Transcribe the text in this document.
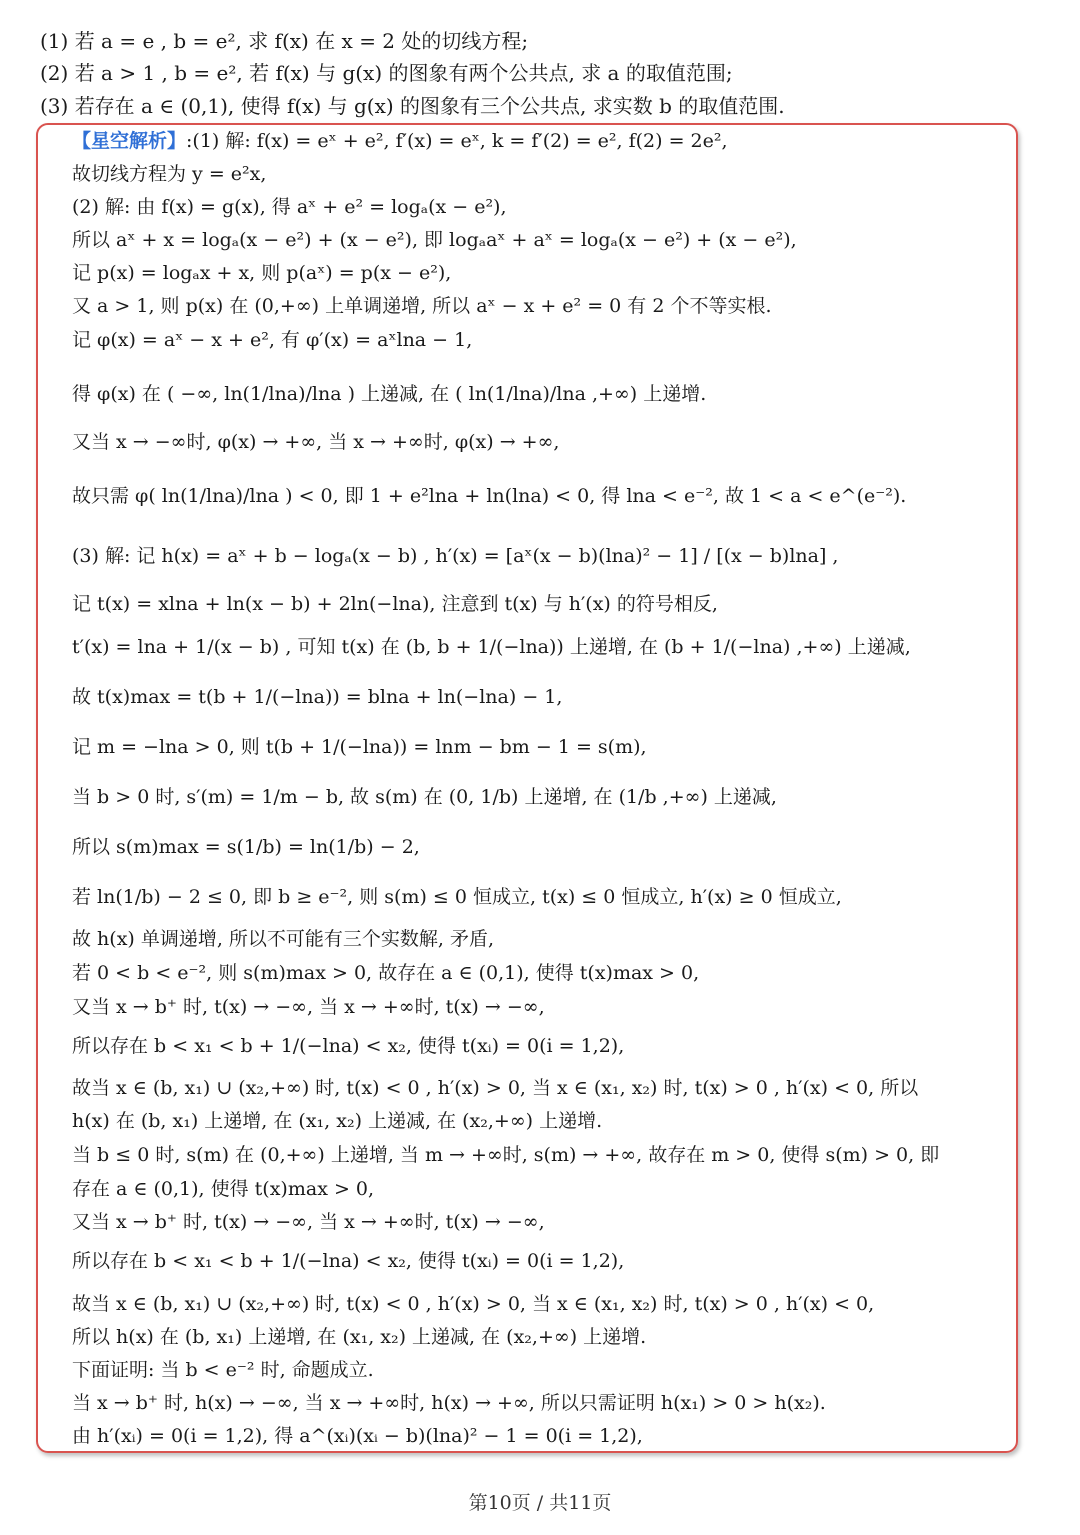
(1) 若 a = e , b = e², 求 f(x) 在 x = 2 处的切线方程;
(2) 若 a > 1 , b = e², 若 f(x) 与 g(x) 的图象有两个公共点, 求 a 的取值范围;
(3) 若存在 a ∈ (0,1), 使得 f(x) 与 g(x) 的图象有三个公共点, 求实数 b 的取值范围.
【星空解析】:(1) 解: f(x) = eˣ + e², f′(x) = eˣ, k = f′(2) = e², f(2) = 2e²,
故切线方程为 y = e²x,
(2) 解: 由 f(x) = g(x), 得 aˣ + e² = logₐ(x − e²),
所以 aˣ + x = logₐ(x − e²) + (x − e²), 即 logₐaˣ + aˣ = logₐ(x − e²) + (x − e²),
记 p(x) = logₐx + x, 则 p(aˣ) = p(x − e²),
又 a > 1, 则 p(x) 在 (0,+∞) 上单调递增, 所以 aˣ − x + e² = 0 有 2 个不等实根.
记 φ(x) = aˣ − x + e², 有 φ′(x) = aˣlna − 1,
得 φ(x) 在 ( −∞, ln(1/lna)/lna ) 上递减, 在 ( ln(1/lna)/lna ,+∞) 上递增.
又当 x → −∞时, φ(x) → +∞, 当 x → +∞时, φ(x) → +∞,
故只需 φ( ln(1/lna)/lna ) < 0, 即 1 + e²lna + ln(lna) < 0, 得 lna < e⁻², 故 1 < a < e^(e⁻²).
(3) 解: 记 h(x) = aˣ + b − logₐ(x − b) , h′(x) = [aˣ(x − b)(lna)² − 1] / [(x − b)lna] ,
记 t(x) = xlna + ln(x − b) + 2ln(−lna), 注意到 t(x) 与 h′(x) 的符号相反,
t′(x) = lna + 1/(x − b) , 可知 t(x) 在 (b, b + 1/(−lna)) 上递增, 在 (b + 1/(−lna) ,+∞) 上递减,
故 t(x)max = t(b + 1/(−lna)) = blna + ln(−lna) − 1,
记 m = −lna > 0, 则 t(b + 1/(−lna)) = lnm − bm − 1 = s(m),
当 b > 0 时, s′(m) = 1/m − b, 故 s(m) 在 (0, 1/b) 上递增, 在 (1/b ,+∞) 上递减,
所以 s(m)max = s(1/b) = ln(1/b) − 2,
若 ln(1/b) − 2 ≤ 0, 即 b ≥ e⁻², 则 s(m) ≤ 0 恒成立, t(x) ≤ 0 恒成立, h′(x) ≥ 0 恒成立,
故 h(x) 单调递增, 所以不可能有三个实数解, 矛盾,
若 0 < b < e⁻², 则 s(m)max > 0, 故存在 a ∈ (0,1), 使得 t(x)max > 0,
又当 x → b⁺ 时, t(x) → −∞, 当 x → +∞时, t(x) → −∞,
所以存在 b < x₁ < b + 1/(−lna) < x₂, 使得 t(xᵢ) = 0(i = 1,2),
故当 x ∈ (b, x₁) ∪ (x₂,+∞) 时, t(x) < 0 , h′(x) > 0, 当 x ∈ (x₁, x₂) 时, t(x) > 0 , h′(x) < 0, 所以
h(x) 在 (b, x₁) 上递增, 在 (x₁, x₂) 上递减, 在 (x₂,+∞) 上递增.
当 b ≤ 0 时, s(m) 在 (0,+∞) 上递增, 当 m → +∞时, s(m) → +∞, 故存在 m > 0, 使得 s(m) > 0, 即
存在 a ∈ (0,1), 使得 t(x)max > 0,
又当 x → b⁺ 时, t(x) → −∞, 当 x → +∞时, t(x) → −∞,
所以存在 b < x₁ < b + 1/(−lna) < x₂, 使得 t(xᵢ) = 0(i = 1,2),
故当 x ∈ (b, x₁) ∪ (x₂,+∞) 时, t(x) < 0 , h′(x) > 0, 当 x ∈ (x₁, x₂) 时, t(x) > 0 , h′(x) < 0,
所以 h(x) 在 (b, x₁) 上递增, 在 (x₁, x₂) 上递减, 在 (x₂,+∞) 上递增.
下面证明: 当 b < e⁻² 时, 命题成立.
当 x → b⁺ 时, h(x) → −∞, 当 x → +∞时, h(x) → +∞, 所以只需证明 h(x₁) > 0 > h(x₂).
由 h′(xᵢ) = 0(i = 1,2), 得 a^(xᵢ)(xᵢ − b)(lna)² − 1 = 0(i = 1,2),
第10页 / 共11页
